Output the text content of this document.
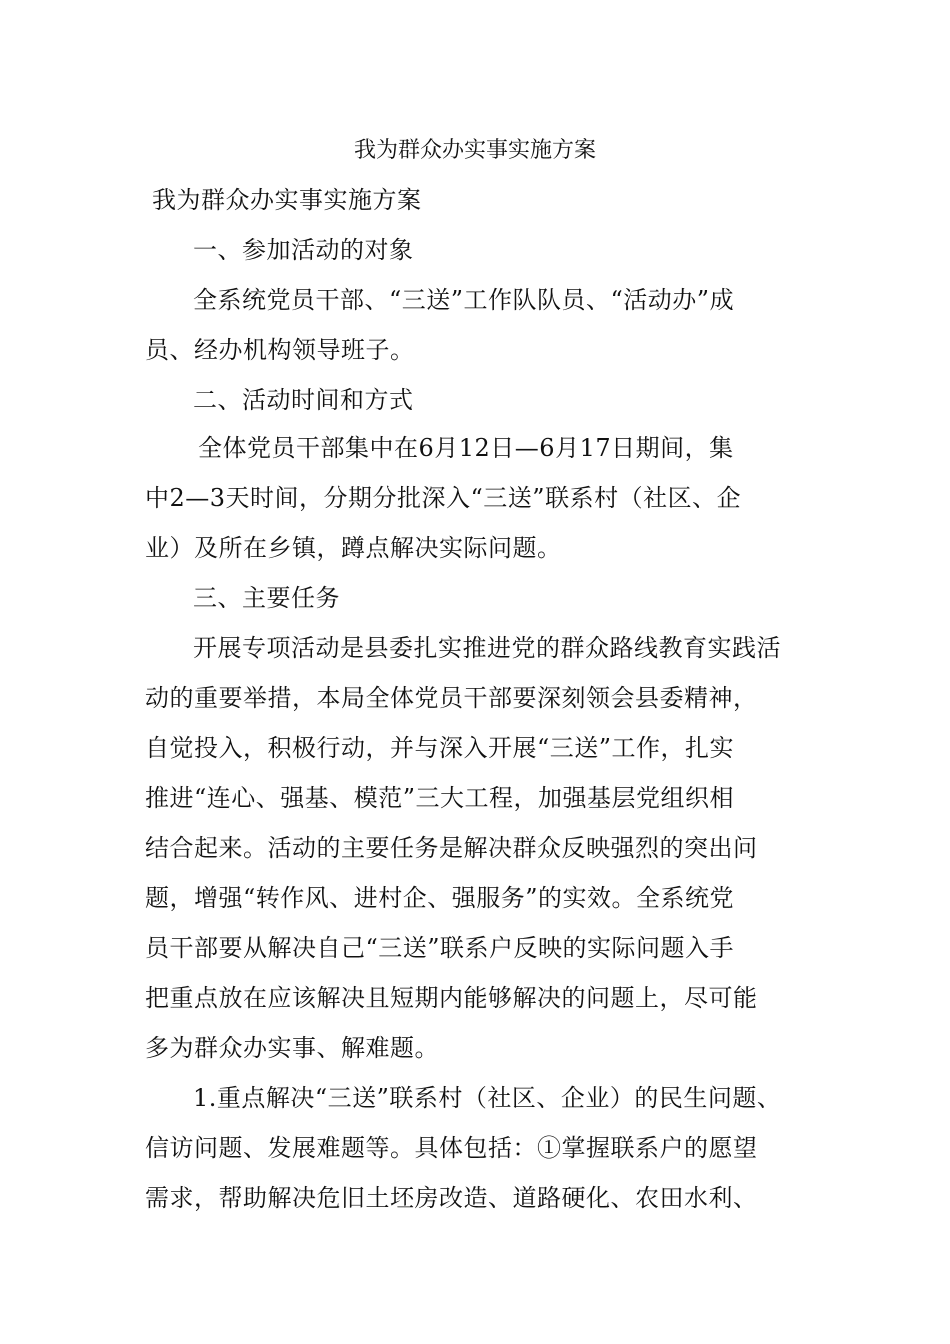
我为群众办实事实施方案

我为群众办实事实施方案

一、参加活动的对象

全系统党员干部、“三送”工作队队员、“活动办”成

员、经办机构领导班子。

二、活动时间和方式

全体党员干部集中在6月12日—6月17日期间，集

中2—3天时间，分期分批深入“三送”联系村（社区、企

业）及所在乡镇，蹲点解决实际问题。

三、主要任务

开展专项活动是县委扎实推进党的群众路线教育实践活

动的重要举措，本局全体党员干部要深刻领会县委精神，

自觉投入，积极行动，并与深入开展“三送”工作，扎实

推进“连心、强基、模范”三大工程，加强基层党组织相

结合起来。活动的主要任务是解决群众反映强烈的突出问

题，增强“转作风、进村企、强服务”的实效。全系统党

员干部要从解决自己“三送”联系户反映的实际问题入手

把重点放在应该解决且短期内能够解决的问题上，尽可能

多为群众办实事、解难题。

1.重点解决“三送”联系村（社区、企业）的民生问题、

信访问题、发展难题等。具体包括：①掌握联系户的愿望

需求，帮助解决危旧土坯房改造、道路硬化、农田水利、
